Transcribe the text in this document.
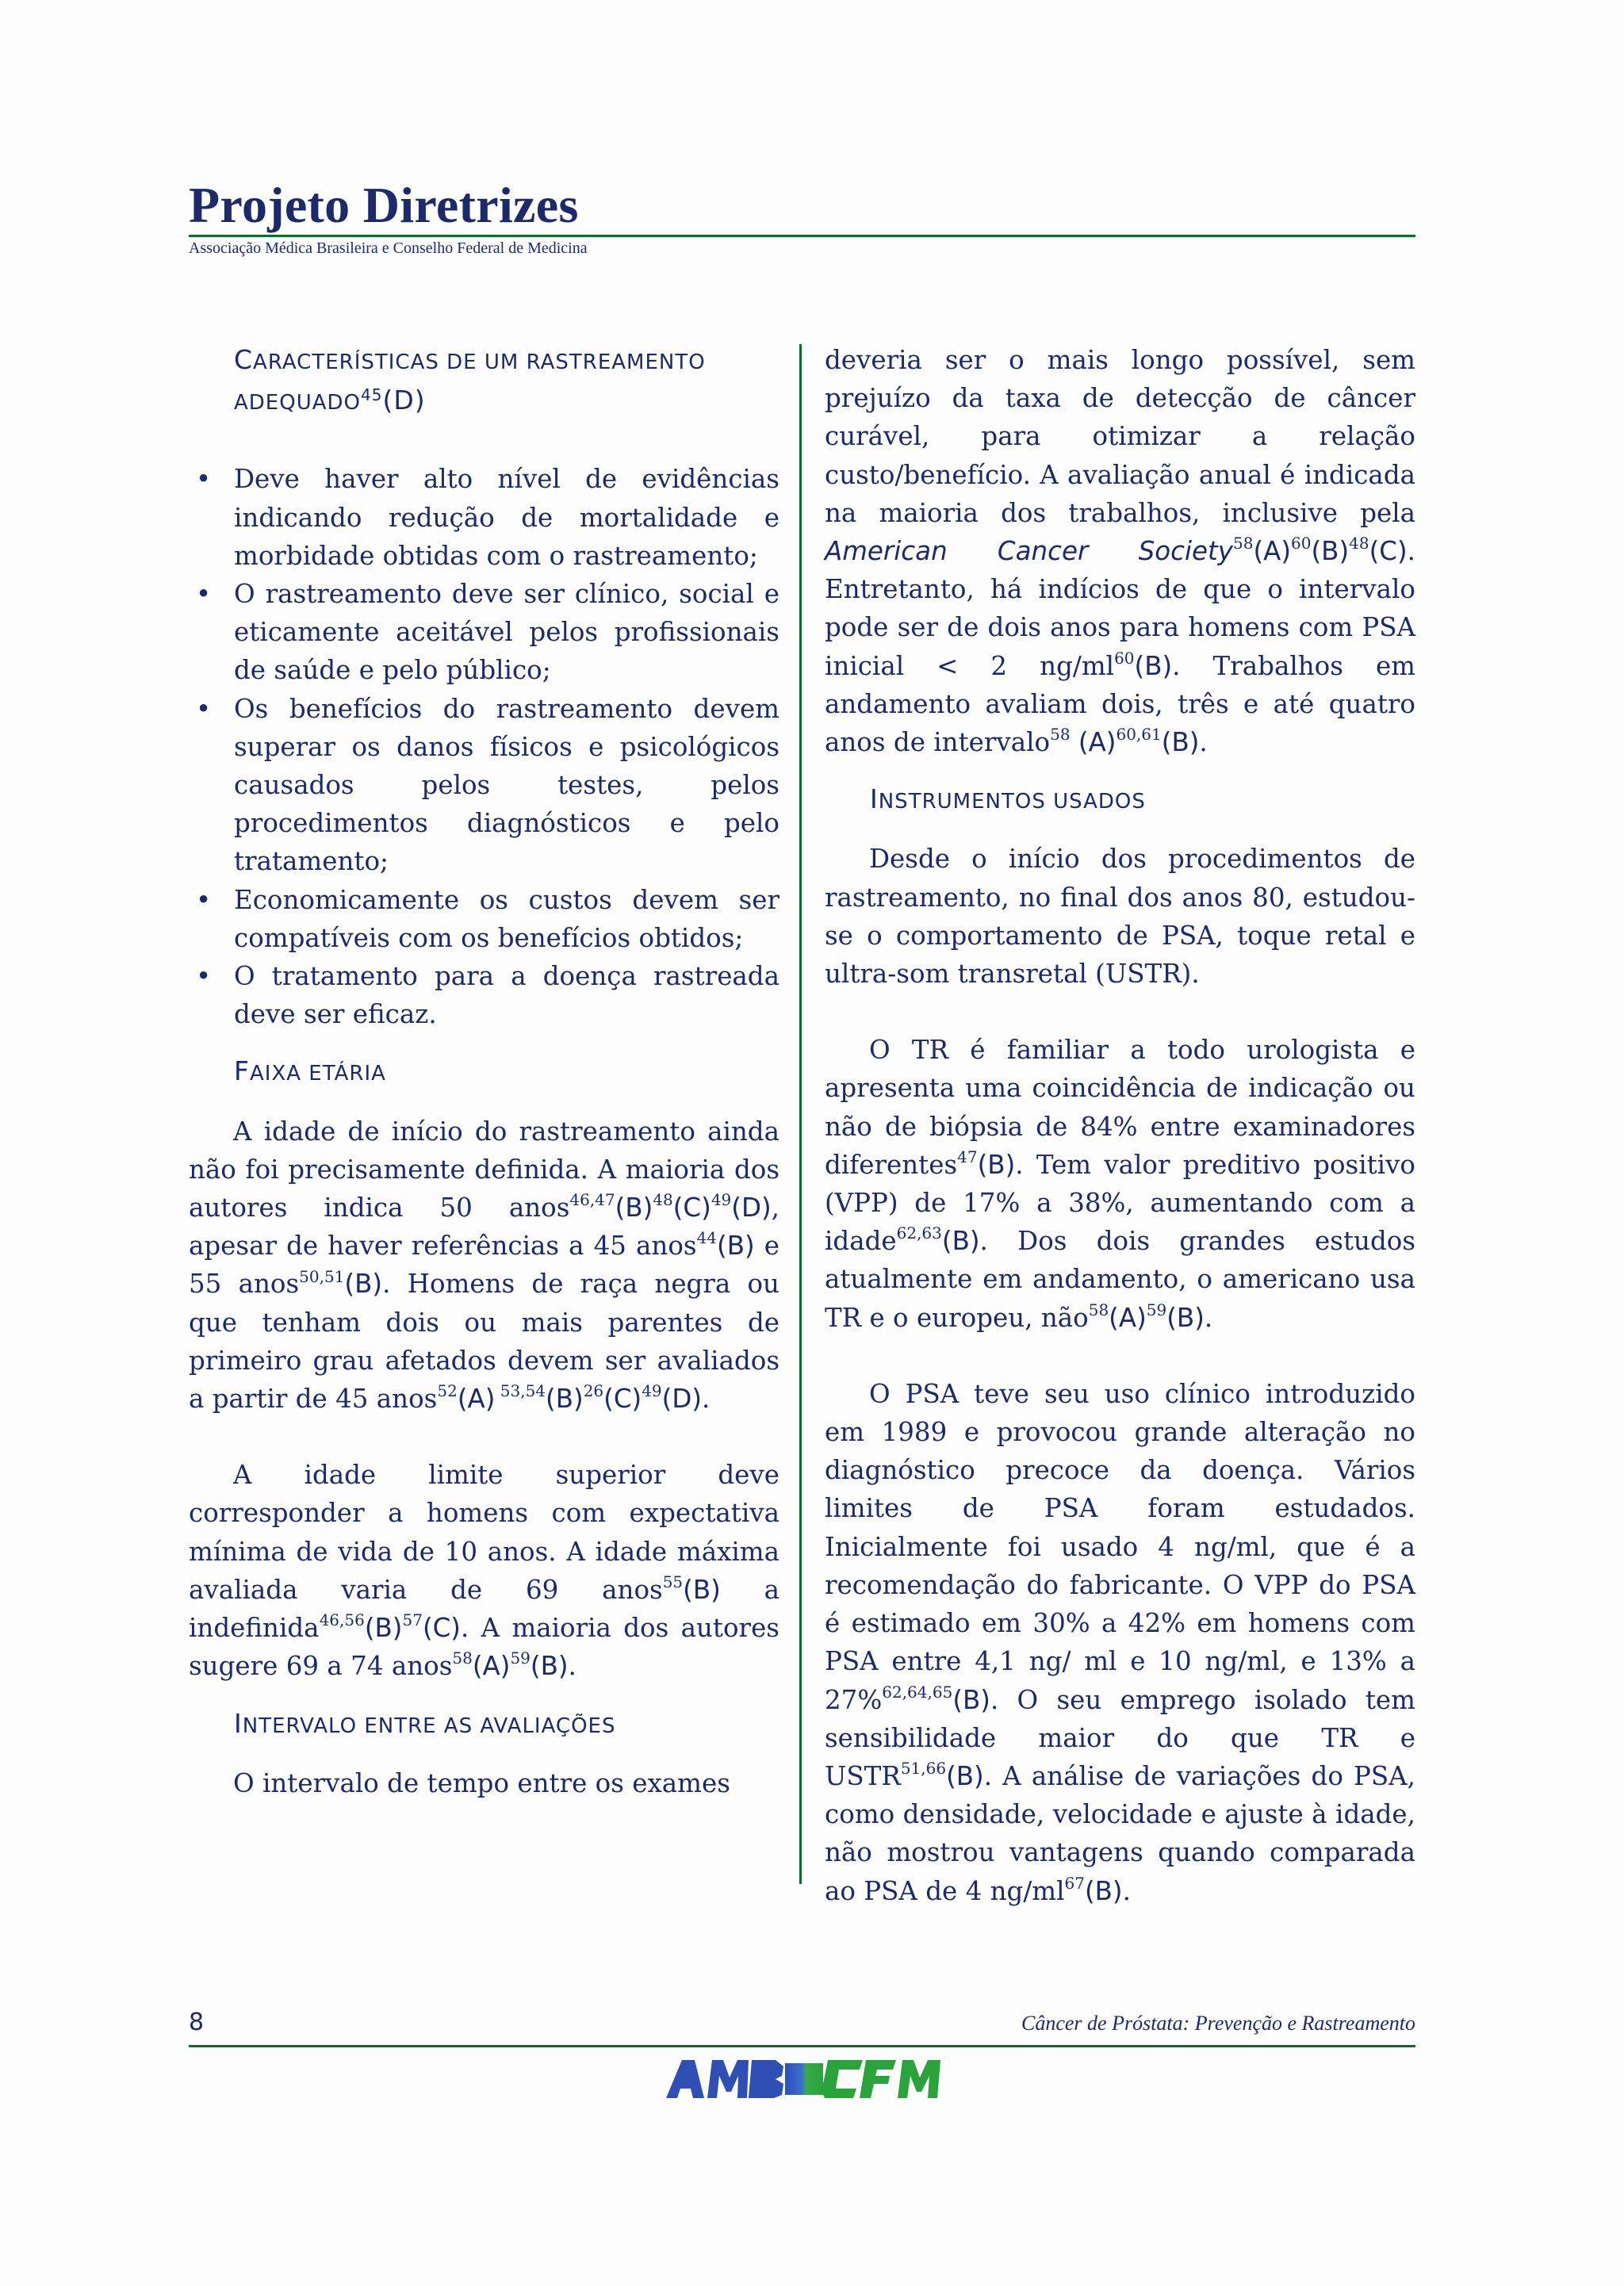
Projeto Diretrizes
Associação Médica Brasileira e Conselho Federal de Medicina
CARACTERÍSTICAS DE UM RASTREAMENTO ADEQUADO$^{45}$(D)
• Deve haver alto nível de evidências indicando redução de mortalidade e morbidade obtidas com o rastreamento;
• O rastreamento deve ser clínico, social e eticamente aceitável pelos profissionais de saúde e pelo público;
• Os benefícios do rastreamento devem superar os danos físicos e psicológicos causados pelos testes, pelos procedimentos diagnósticos e pelo tratamento;
• Economicamente os custos devem ser compatíveis com os benefícios obtidos;
• O tratamento para a doença rastreada deve ser eficaz.
FAIXA ETÁRIA

A idade de início do rastreamento ainda não foi precisamente definida. A maioria dos autores indica 50 $anos^{46,47}(B)^{48}(C)^{49}(D)$, apesar de haver referências a 45 anos$^{44}$(B) e 55 anos$^{50,51}$(B). Homens de raça negra ou que tenham dois ou mais parentes de primeiro grau afetados devem ser avaliados a partir de 45 anos$^{52}$(A) $^{53,54}(B)^{26}(C)^{49}(D)$.

A idade limite superior deve corresponder a homens com expectativa mínima de vida de 10 anos. A idade máxima avaliada varia de 69 anos$^{55}$(B) a $indefinida^{46,56}(B)^{57}(C)$. A maioria dos autores sugere 69 a 74 $anos^{58}(A)^{59}(B)$.

INTERVALO ENTRE AS AVALIAÇÕES

O intervalo de tempo entre os exames

deveria ser o mais longo possível, sem prejuízo da taxa de detecção de câncer curável, para otimizar a relação custo/benefício. A avaliação anual é indicada na maioria dos trabalhos, inclusive pela American Cancer $Society^{58}(A)^{60}(B)^{48}(C)$. Entretanto, há indícios de que o intervalo pode ser de dois anos para homens com PSA inicial < 2 $ng/ml^{60}(B)$. Trabalhos em andamento avaliam dois, três e até quatro anos de intervalo$^{58}$ $(A)^{60,61}(B)$.

INSTRUMENTOS USADOS

Desde o início dos procedimentos de rastreamento, no final dos anos 80, estudou-se o comportamento de PSA, toque retal e ultra-som transretal (USTR).

O TR é familiar a todo urologista e apresenta uma coincidência de indicação ou não de biópsia de 84% entre examinadores diferentes$^{47}$(B). Tem valor preditivo positivo (VPP) de 17% a 38%, aumentando com a idade$^{62,63}$(B). Dos dois grandes estudos atualmente em andamento, o americano usa TR e o europeu, $não^{58}(A)^{59}(B)$.

O PSA teve seu uso clínico introduzido em 1989 e provocou grande alteração no diagnóstico precoce da doença. Vários limites de PSA foram estudados. Inicialmente foi usado 4 ng/ml, que é a recomendação do fabricante. O VPP do PSA é estimado em 30% a 42% em homens com PSA entre 4,1 ng/ ml e 10 ng/ml, e 13% a 27%$^{62,64,65}$(B). O seu emprego isolado tem sensibilidade maior do que TR e USTR$^{51,66}$(B). A análise de variações do PSA, como densidade, velocidade e ajuste à idade, não mostrou vantagens quando comparada ao PSA de 4 $ng/ml^{67}(B)$.

8	Câncer de Próstata: Prevenção e Rastreamento
